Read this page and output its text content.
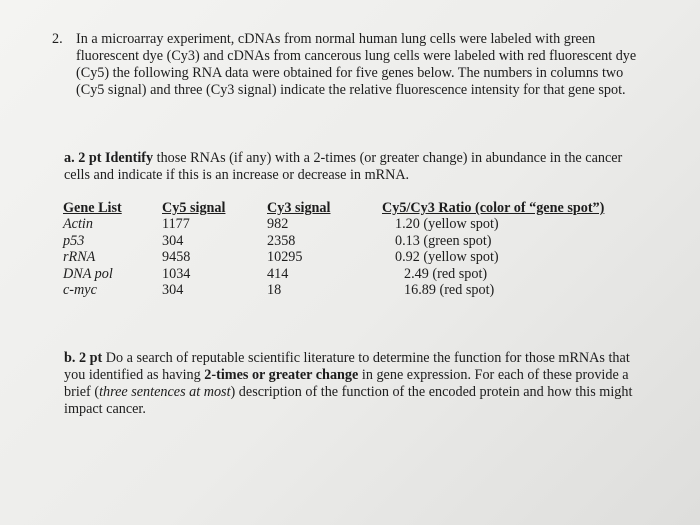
2. In a microarray experiment, cDNAs from normal human lung cells were labeled with green fluorescent dye (Cy3) and cDNAs from cancerous lung cells were labeled with red fluorescent dye (Cy5) the following RNA data were obtained for five genes below. The numbers in columns two (Cy5 signal) and three (Cy3 signal) indicate the relative fluorescence intensity for that gene spot.
a. 2 pt Identify those RNAs (if any) with a 2-times (or greater change) in abundance in the cancer cells and indicate if this is an increase or decrease in mRNA.
Gene List	Cy5 signal	Cy3 signal	Cy5/Cy3 Ratio (color of “gene spot”)
Actin	1177	982	1.20 (yellow spot)
p53	304	2358	0.13 (green spot)
rRNA	9458	10295	0.92 (yellow spot)
DNA pol	1034	414	2.49 (red spot)
c-myc	304	18	16.89 (red spot)
b. 2 pt Do a search of reputable scientific literature to determine the function for those mRNAs that you identified as having 2-times or greater change in gene expression. For each of these provide a brief (three sentences at most) description of the function of the encoded protein and how this might impact cancer.
